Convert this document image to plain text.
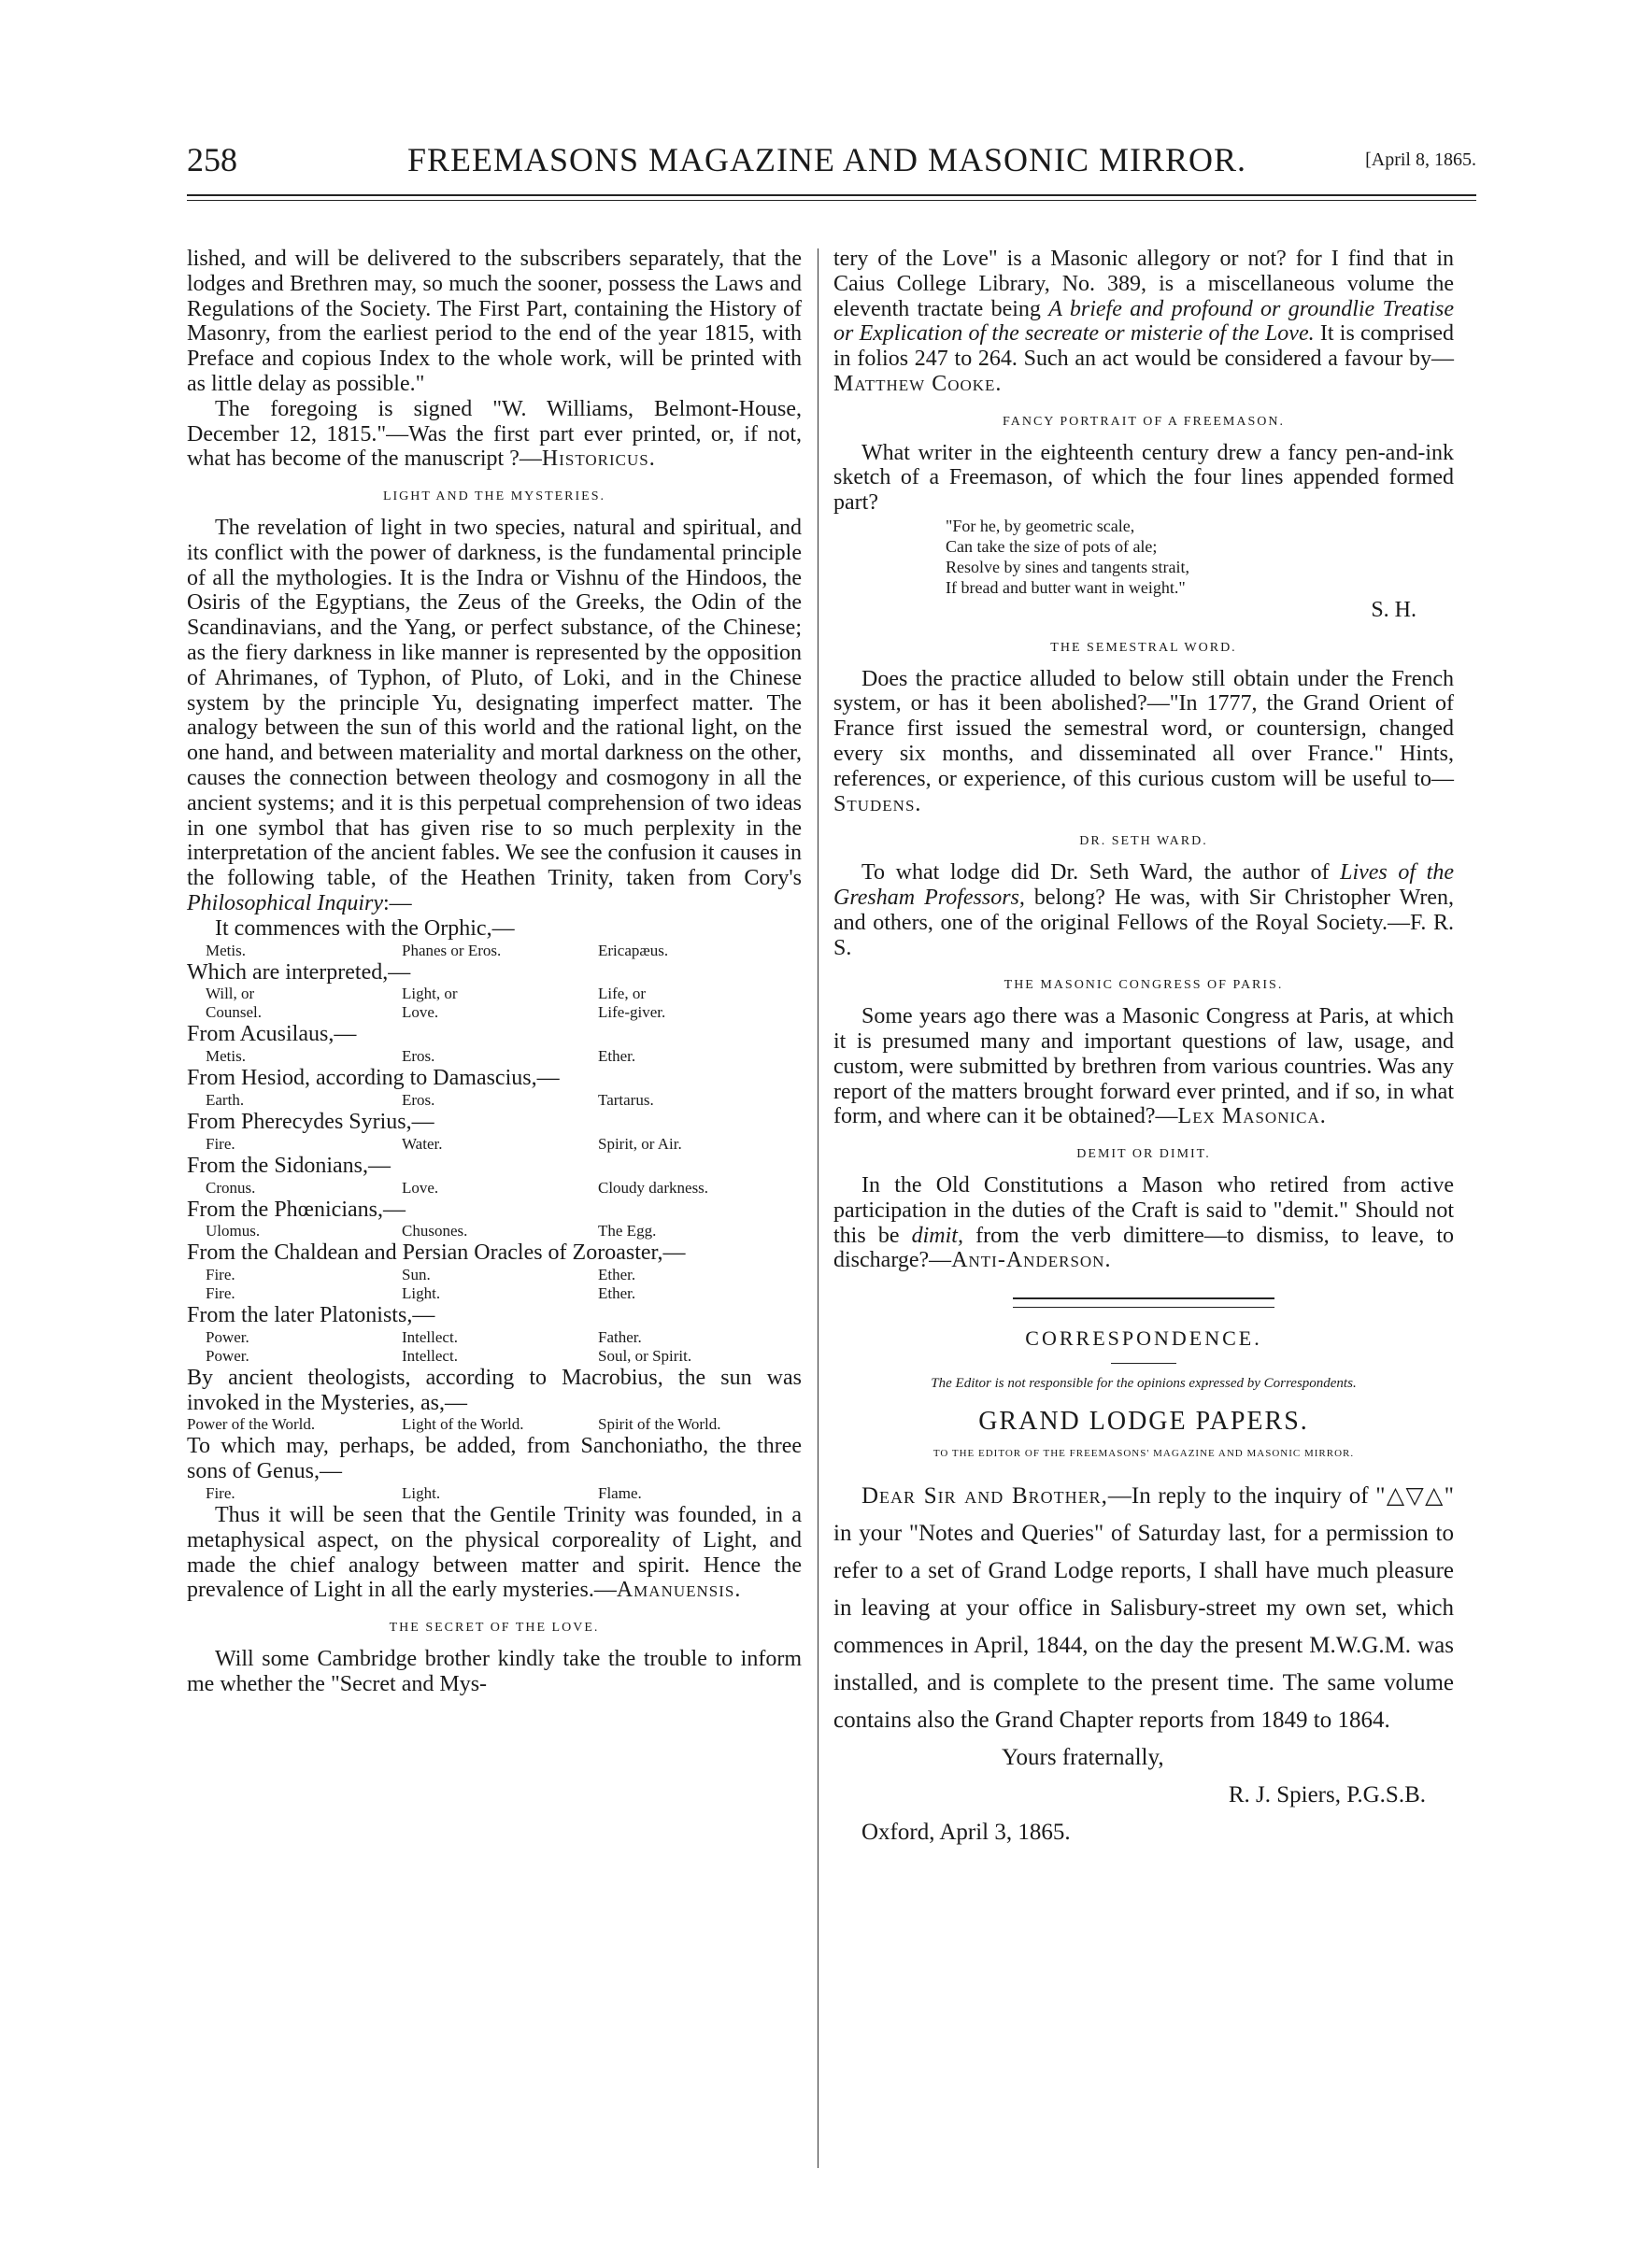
258	FREEMASONS MAGAZINE AND MASONIC MIRROR.	[April 8, 1865.

lished, and will be delivered to the subscribers separately, that the lodges and Brethren may, so much the sooner, possess the Laws and Regulations of the Society. The First Part, containing the History of Masonry, from the earliest period to the end of the year 1815, with Preface and copious Index to the whole work, will be printed with as little delay as possible."

The foregoing is signed "W. Williams, Belmont-House, December 12, 1815."—Was the first part ever printed, or, if not, what has become of the manuscript ?—Historicus.

LIGHT AND THE MYSTERIES.

The revelation of light in two species, natural and spiritual, and its conflict with the power of darkness, is the fundamental principle of all the mythologies. It is the Indra or Vishnu of the Hindoos, the Osiris of the Egyptians, the Zeus of the Greeks, the Odin of the Scandinavians, and the Yang, or perfect substance, of the Chinese; as the fiery darkness in like manner is represented by the opposition of Ahrimanes, of Typhon, of Pluto, of Loki, and in the Chinese system by the principle Yu, designating imperfect matter. The analogy between the sun of this world and the rational light, on the one hand, and between materiality and mortal darkness on the other, causes the connection between theology and cosmogony in all the ancient systems; and it is this perpetual comprehension of two ideas in one symbol that has given rise to so much perplexity in the interpretation of the ancient fables. We see the confusion it causes in the following table, of the Heathen Trinity, taken from Cory's Philosophical Inquiry:—

It commences with the Orphic,—

Metis.	Phanes or Eros.	Ericapæus.

Which are interpreted,—

Will, or	Light, or	Life, or
Counsel.	Love.	Life-giver.

From Acusilaus,—

Metis.	Eros.	Ether.

From Hesiod, according to Damascius,—

Earth.	Eros.	Tartarus.

From Pherecydes Syrius,—

Fire.	Water.	Spirit, or Air.

From the Sidonians,—

Cronus.	Love.	Cloudy darkness.

From the Phœnicians,—

Ulomus.	Chusones.	The Egg.

From the Chaldean and Persian Oracles of Zoroaster,—

Fire.	Sun.	Ether.
Fire.	Light.	Ether.

From the later Platonists,—

Power.	Intellect.	Father.
Power.	Intellect.	Soul, or Spirit.

By ancient theologists, according to Macrobius, the sun was invoked in the Mysteries, as,—

Power of the World.	Light of the World.	Spirit of the World.

To which may, perhaps, be added, from Sanchoniatho, the three sons of Genus,—

Fire.	Light.	Flame.

Thus it will be seen that the Gentile Trinity was founded, in a metaphysical aspect, on the physical corporeality of Light, and made the chief analogy between matter and spirit. Hence the prevalence of Light in all the early mysteries.—Amanuensis.

THE SECRET OF THE LOVE.

Will some Cambridge brother kindly take the trouble to inform me whether the "Secret and Mys-

tery of the Love" is a Masonic allegory or not? for I find that in Caius College Library, No. 389, is a miscellaneous volume the eleventh tractate being A briefe and profound or groundlie Treatise or Explication of the secreate or misterie of the Love. It is comprised in folios 247 to 264. Such an act would be considered a favour by—Matthew Cooke.

FANCY PORTRAIT OF A FREEMASON.

What writer in the eighteenth century drew a fancy pen-and-ink sketch of a Freemason, of which the four lines appended formed part?

"For he, by geometric scale,
Can take the size of pots of ale;
Resolve by sines and tangents strait,
If bread and butter want in weight."

S. H.

THE SEMESTRAL WORD.

Does the practice alluded to below still obtain under the French system, or has it been abolished?—"In 1777, the Grand Orient of France first issued the semestral word, or countersign, changed every six months, and disseminated all over France." Hints, references, or experience, of this curious custom will be useful to—Studens.

DR. SETH WARD.

To what lodge did Dr. Seth Ward, the author of Lives of the Gresham Professors, belong? He was, with Sir Christopher Wren, and others, one of the original Fellows of the Royal Society.—F. R. S.

THE MASONIC CONGRESS OF PARIS.

Some years ago there was a Masonic Congress at Paris, at which it is presumed many and important questions of law, usage, and custom, were submitted by brethren from various countries. Was any report of the matters brought forward ever printed, and if so, in what form, and where can it be obtained?—Lex Masonica.

DEMIT OR DIMIT.

In the Old Constitutions a Mason who retired from active participation in the duties of the Craft is said to "demit." Should not this be dimit, from the verb dimittere—to dismiss, to leave, to discharge?—Anti-Anderson.

CORRESPONDENCE.
The Editor is not responsible for the opinions expressed by Correspondents.
GRAND LODGE PAPERS.
TO THE EDITOR OF THE FREEMASONS' MAGAZINE AND MASONIC MIRROR.

Dear Sir and Brother,—In reply to the inquiry of "△▽△" in your "Notes and Queries" of Saturday last, for a permission to refer to a set of Grand Lodge reports, I shall have much pleasure in leaving at your office in Salisbury-street my own set, which commences in April, 1844, on the day the present M.W.G.M. was installed, and is complete to the present time. The same volume contains also the Grand Chapter reports from 1849 to 1864.

Yours fraternally,

R. J. Spiers, P.G.S.B.

Oxford, April 3, 1865.
